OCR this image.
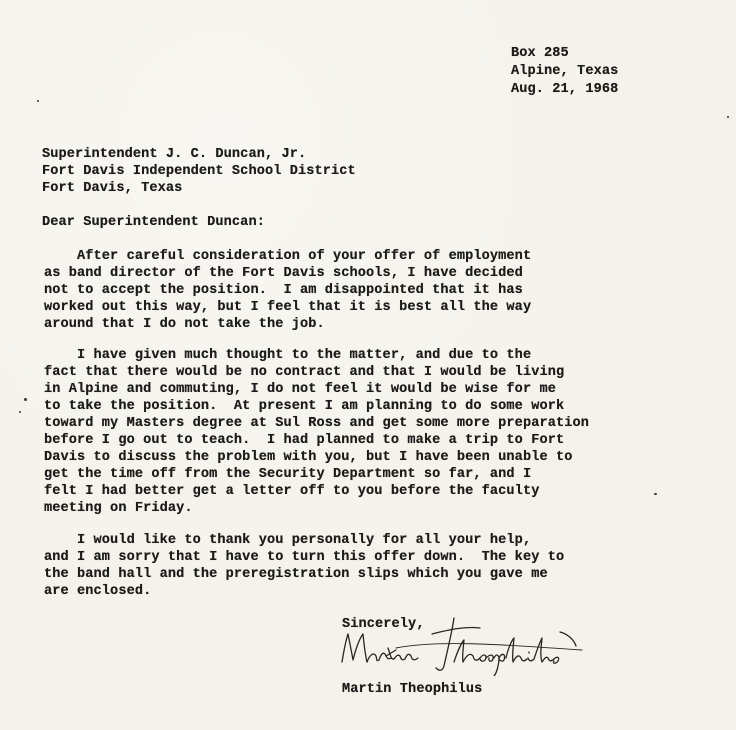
Box 285
Alpine, Texas
Aug. 21, 1968
Superintendent J. C. Duncan, Jr.
Fort Davis Independent School District
Fort Davis, Texas
Dear Superintendent Duncan:
After careful consideration of your offer of employment
as band director of the Fort Davis schools, I have decided
not to accept the position.  I am disappointed that it has
worked out this way, but I feel that it is best all the way
around that I do not take the job.
I have given much thought to the matter, and due to the
fact that there would be no contract and that I would be living
in Alpine and commuting, I do not feel it would be wise for me
to take the position.  At present I am planning to do some work
toward my Masters degree at Sul Ross and get some more preparation
before I go out to teach.  I had planned to make a trip to Fort
Davis to discuss the problem with you, but I have been unable to
get the time off from the Security Department so far, and I
felt I had better get a letter off to you before the faculty
meeting on Friday.
I would like to thank you personally for all your help,
and I am sorry that I have to turn this offer down.  The key to
the band hall and the preregistration slips which you gave me
are enclosed.
Sincerely,
Martin Theophilus
